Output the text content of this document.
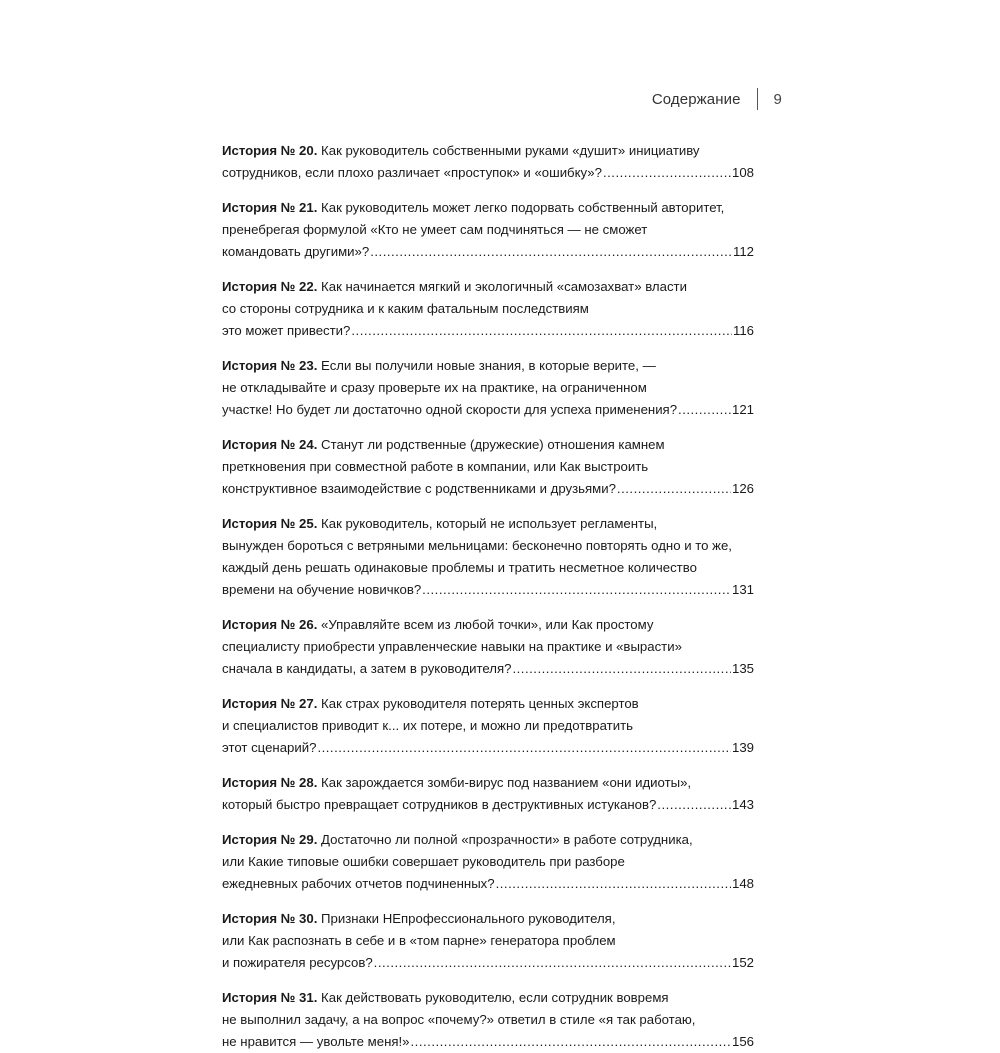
Содержание	9
История № 20. Как руководитель собственными руками «душит» инициативу
сотрудников, если плохо различает «проступок» и «ошибку»? .....	108
История № 21. Как руководитель может легко подорвать собственный авторитет,
пренебрегая формулой «Кто не умеет сам подчиняться — не сможет
командовать другими»? .....	112
История № 22. Как начинается мягкий и экологичный «самозахват» власти
со стороны сотрудника и к каким фатальным последствиям
это может привести? .....	116
История № 23. Если вы получили новые знания, в которые верите, —
не откладывайте и сразу проверьте их на практике, на ограниченном
участке! Но будет ли достаточно одной скорости для успеха применения? .....	121
История № 24. Станут ли родственные (дружеские) отношения камнем
преткновения при совместной работе в компании, или Как выстроить
конструктивное взаимодействие с родственниками и друзьями? .....	126
История № 25. Как руководитель, который не использует регламенты,
вынужден бороться с ветряными мельницами: бесконечно повторять одно и то же,
каждый день решать одинаковые проблемы и тратить несметное количество
времени на обучение новичков? .....	131
История № 26. «Управляйте всем из любой точки», или Как простому
специалисту приобрести управленческие навыки на практике и «вырасти»
сначала в кандидаты, а затем в руководителя? .....	135
История № 27. Как страх руководителя потерять ценных экспертов
и специалистов приводит к... их потере, и можно ли предотвратить
этот сценарий? .....	139
История № 28. Как зарождается зомби-вирус под названием «они идиоты»,
который быстро превращает сотрудников в деструктивных истуканов? .....	143
История № 29. Достаточно ли полной «прозрачности» в работе сотрудника,
или Какие типовые ошибки совершает руководитель при разборе
ежедневных рабочих отчетов подчиненных? .....	148
История № 30. Признаки НЕпрофессионального руководителя,
или Как распознать в себе и в «том парне» генератора проблем
и пожирателя ресурсов? .....	152
История № 31. Как действовать руководителю, если сотрудник вовремя
не выполнил задачу, а на вопрос «почему?» ответил в стиле «я так работаю,
не нравится — увольте меня!» .....	156
